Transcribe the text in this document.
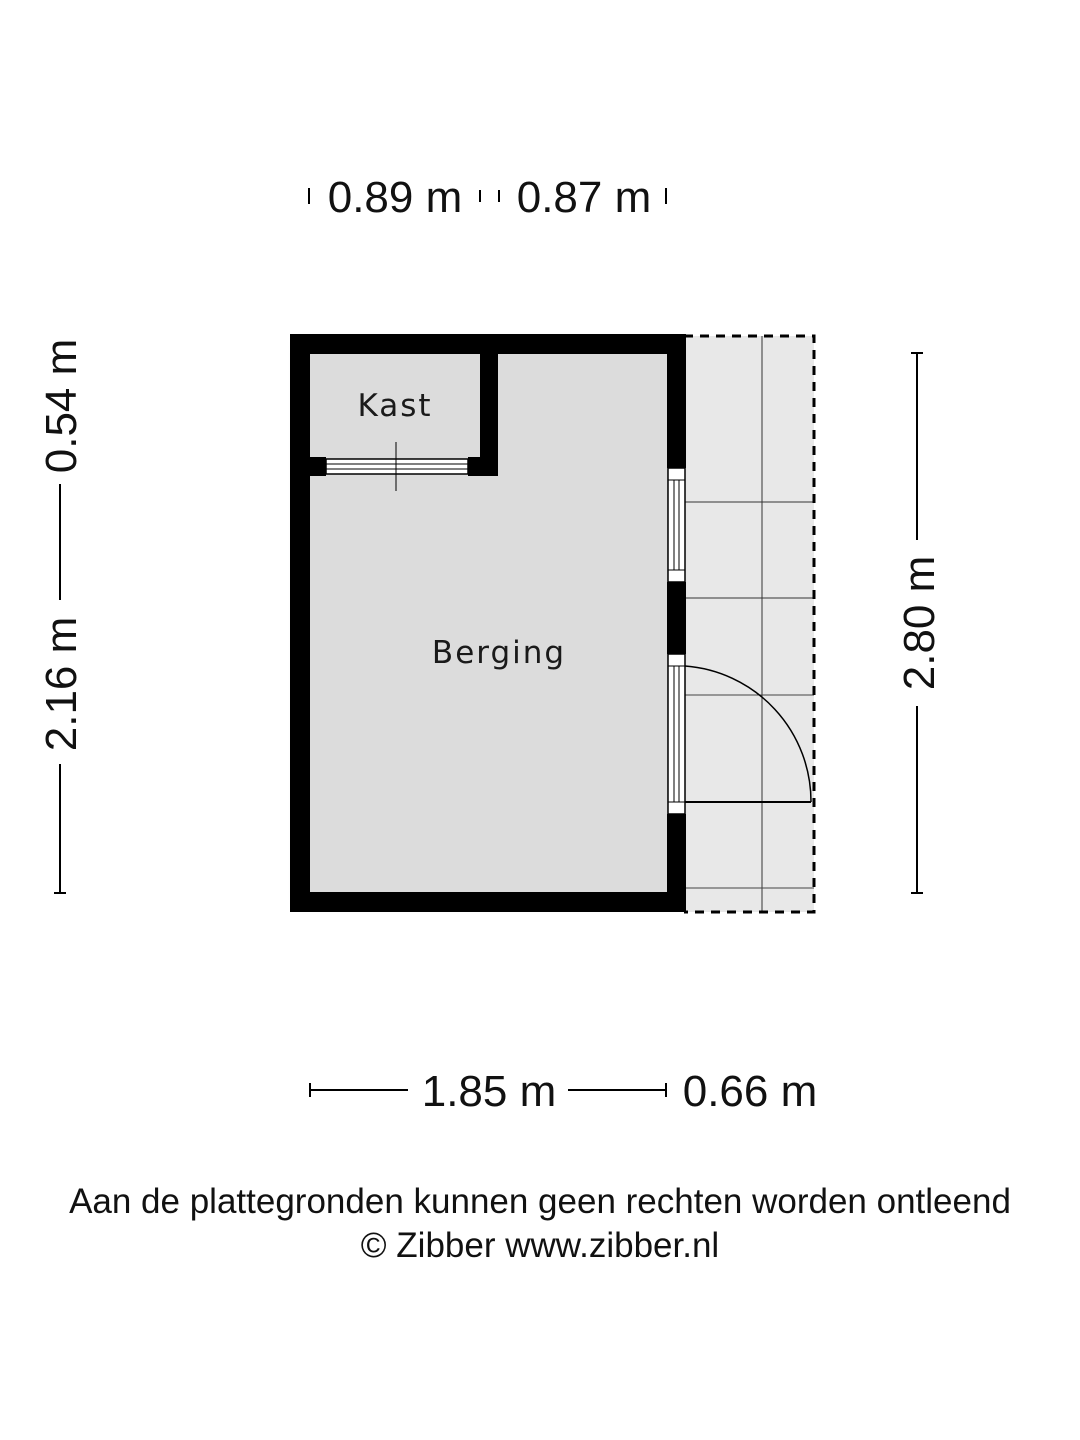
Kast
Berging
0.89 m 0.87 m
0.54 m
2.16 m	2.80 m
1.85 m	0.66 m
Aan de plattegronden kunnen geen rechten worden ontleend
© Zibber www.zibber.nl
